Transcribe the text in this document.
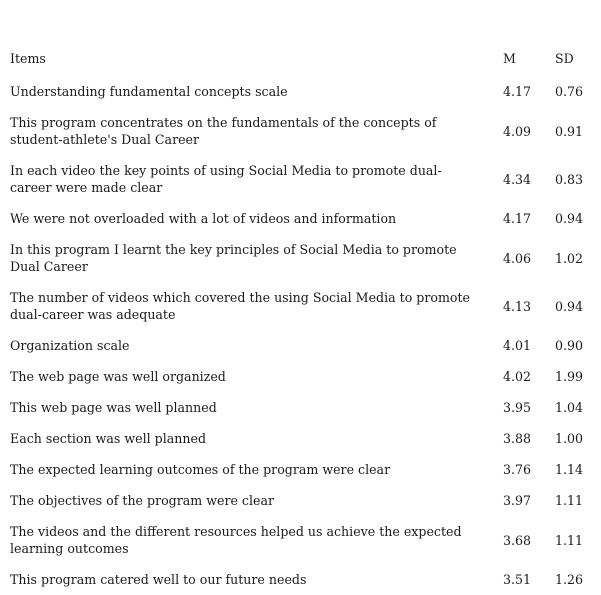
Items	M	SD
Understanding fundamental concepts scale	4.17	0.76
This program concentrates on the fundamentals of the concepts of student-athlete's Dual Career	4.09	0.91
In each video the key points of using Social Media to promote dual-career were made clear	4.34	0.83
We were not overloaded with a lot of videos and information	4.17	0.94
In this program I learnt the key principles of Social Media to promote Dual Career	4.06	1.02
The number of videos which covered the using Social Media to promote dual-career was adequate	4.13	0.94
Organization scale	4.01	0.90
The web page was well organized	4.02	1.99
This web page was well planned	3.95	1.04
Each section was well planned	3.88	1.00
The expected learning outcomes of the program were clear	3.76	1.14
The objectives of the program were clear	3.97	1.11
The videos and the different resources helped us achieve the expected learning outcomes	3.68	1.11
This program catered well to our future needs	3.51	1.26
